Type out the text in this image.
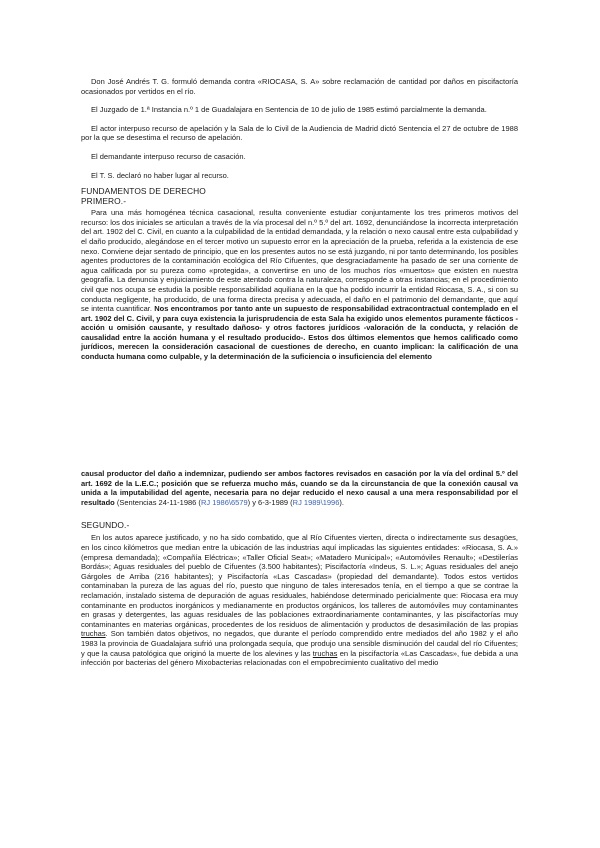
Don José Andrés T. G. formuló demanda contra «RIOCASA, S. A» sobre reclamación de cantidad por daños en piscifactoría ocasionados por vertidos en el río.

El Juzgado de 1.ª Instancia n.º 1 de Guadalajara en Sentencia de 10 de julio de 1985 estimó parcialmente la demanda.

El actor interpuso recurso de apelación y la Sala de lo Civil de la Audiencia de Madrid dictó Sentencia el 27 de octubre de 1988 por la que se desestima el recurso de apelación.

El demandante interpuso recurso de casación.

El T. S. declaró no haber lugar al recurso.

FUNDAMENTOS DE DERECHO
PRIMERO.-

Para una más homogénea técnica casacional, resulta conveniente estudiar conjuntamente los tres primeros motivos del recurso: los dos iniciales se articulan a través de la vía procesal del n.º 5.º del art. 1692, denunciándose la incorrecta interpretación del art. 1902 del C. Civil, en cuanto a la culpabilidad de la entidad demandada, y la relación o nexo causal entre esta culpabilidad y el daño producido, alegándose en el tercer motivo un supuesto error en la apreciación de la prueba, referida a la existencia de ese nexo. Conviene dejar sentado de principio, que en los presentes autos no se está juzgando, ni por tanto determinando, los posibles agentes productores de la contaminación ecológica del Río Cifuentes, que desgraciadamente ha pasado de ser una corriente de agua calificada por su pureza como «protegida», a convertirse en uno de los muchos ríos «muertos» que existen en nuestra geografía. La denuncia y enjuiciamiento de este atentado contra la naturaleza, corresponde a otras instancias; en el procedimiento civil que nos ocupa se estudia la posible responsabilidad aquiliana en la que ha podido incurrir la entidad Riocasa, S. A., si con su conducta negligente, ha producido, de una forma directa precisa y adecuada, el daño en el patrimonio del demandante, que aquí se intenta cuantificar. Nos encontramos por tanto ante un supuesto de responsabilidad extracontractual contemplado en el art. 1902 del C. Civil, y para cuya existencia la jurisprudencia de esta Sala ha exigido unos elementos puramente fácticos -acción u omisión causante, y resultado dañoso- y otros factores jurídicos -valoración de la conducta, y relación de causalidad entre la acción humana y el resultado producido-. Estos dos últimos elementos que hemos calificado como jurídicos, merecen la consideración casacional de cuestiones de derecho, en cuanto implican: la calificación de una conducta humana como culpable, y la determinación de la suficiencia o insuficiencia del elemento

causal productor del daño a indemnizar, pudiendo ser ambos factores revisados en casación por la vía del ordinal 5.º del art. 1692 de la L.E.C.; posición que se refuerza mucho más, cuando se da la circunstancia de que la conexión causal va unida a la imputabilidad del agente, necesaria para no dejar reducido el nexo causal a una mera responsabilidad por el resultado (Sentencias 24-11-1986 (RJ 1986\6579) y 6-3-1989 (RJ 1989\1996).

SEGUNDO.-

En los autos aparece justificado, y no ha sido combatido, que al Río Cifuentes vierten, directa o indirectamente sus desagües, en los cinco kilómetros que median entre la ubicación de las industrias aquí implicadas las siguientes entidades: «Riocasa, S. A.» (empresa demandada); «Compañía Eléctrica»; «Taller Oficial Seat»; «Matadero Municipal»; «Automóviles Renault»; «Destilerías Bordás»; Aguas residuales del pueblo de Cifuentes (3.500 habitantes); Piscifactoría «Indeus, S. L.»; Aguas residuales del anejo Gárgoles de Arriba (216 habitantes); y Piscifactoría «Las Cascadas» (propiedad del demandante). Todos estos vertidos contaminaban la pureza de las aguas del río, puesto que ninguno de tales interesados tenía, en el tiempo a que se contrae la reclamación, instalado sistema de depuración de aguas residuales, habiéndose determinado pericialmente que: Riocasa era muy contaminante en productos inorgánicos y medianamente en productos orgánicos, los talleres de automóviles muy contaminantes en grasas y detergentes, las aguas residuales de las poblaciones extraordinariamente contaminantes, y las piscifactorías muy contaminantes en materias orgánicas, procedentes de los residuos de alimentación y productos de desasimilación de las propias truchas. Son también datos objetivos, no negados, que durante el período comprendido entre mediados del año 1982 y el año 1983 la provincia de Guadalajara sufrió una prolongada sequía, que produjo una sensible disminución del caudal del río Cifuentes; y que la causa patológica que originó la muerte de los alevines y las truchas en la piscifactoría «Las Cascadas», fue debida a una infección por bacterias del género Mixobacterias relacionadas con el empobrecimiento cualitativo del medio
